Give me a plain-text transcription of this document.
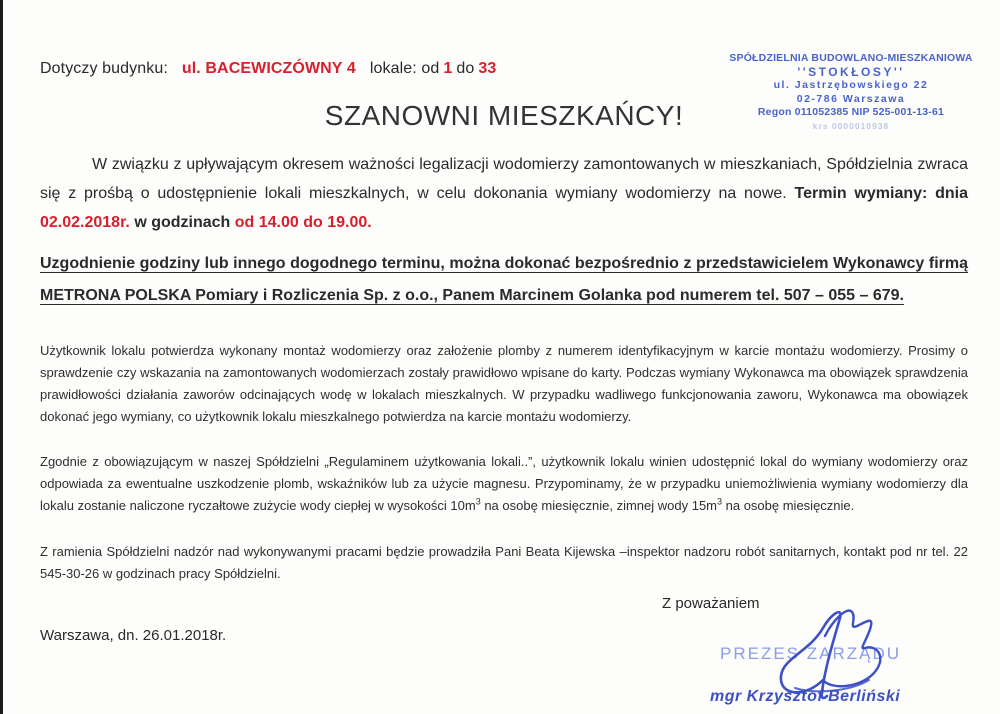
Dotyczy budynku: ul. BACEWICZÓWNY 4 lokale: od 1 do 33
SPÓŁDZIELNIA BUDOWLANO-MIESZKANIOWA
''STOKŁOSY''
ul. Jastrzębowskiego 22
02-786 Warszawa
Regon 011052385 NIP 525-001-13-61
krs 0000010938
SZANOWNI MIESZKAŃCY!
W związku z upływającym okresem ważności legalizacji wodomierzy zamontowanych w mieszkaniach, Spółdzielnia zwraca się z prośbą o udostępnienie lokali mieszkalnych, w celu dokonania wymiany wodomierzy na nowe. Termin wymiany: dnia 02.02.2018r. w godzinach od 14.00 do 19.00.
Uzgodnienie godziny lub innego dogodnego terminu, można dokonać bezpośrednio z przedstawicielem Wykonawcy firmą METRONA POLSKA Pomiary i Rozliczenia Sp. z o.o., Panem Marcinem Golanka pod numerem tel. 507 – 055 – 679.
Użytkownik lokalu potwierdza wykonany montaż wodomierzy oraz założenie plomby z numerem identyfikacyjnym w karcie montażu wodomierzy. Prosimy o sprawdzenie czy wskazania na zamontowanych wodomierzach zostały prawidłowo wpisane do karty. Podczas wymiany Wykonawca ma obowiązek sprawdzenia prawidłowości działania zaworów odcinających wodę w lokalach mieszkalnych. W przypadku wadliwego funkcjonowania zaworu, Wykonawca ma obowiązek dokonać jego wymiany, co użytkownik lokalu mieszkalnego potwierdza na karcie montażu wodomierzy.
Zgodnie z obowiązującym w naszej Spółdzielni „Regulaminem użytkowania lokali..”, użytkownik lokalu winien udostępnić lokal do wymiany wodomierzy oraz odpowiada za ewentualne uszkodzenie plomb, wskaźników lub za użycie magnesu. Przypominamy, że w przypadku uniemożliwienia wymiany wodomierzy dla lokalu zostanie naliczone ryczałtowe zużycie wody ciepłej w wysokości $10m^3$ na osobę miesięcznie, zimnej wody $15m^3$ na osobę miesięcznie.
Z ramienia Spółdzielni nadzór nad wykonywanymi pracami będzie prowadziła Pani Beata Kijewska –inspektor nadzoru robót sanitarnych, kontakt pod nr tel. 22 545-30-26 w godzinach pracy Spółdzielni.
Z poważaniem
Warszawa, dn. 26.01.2018r.
PREZES ZARZĄDU
mgr Krzysztof Berliński
